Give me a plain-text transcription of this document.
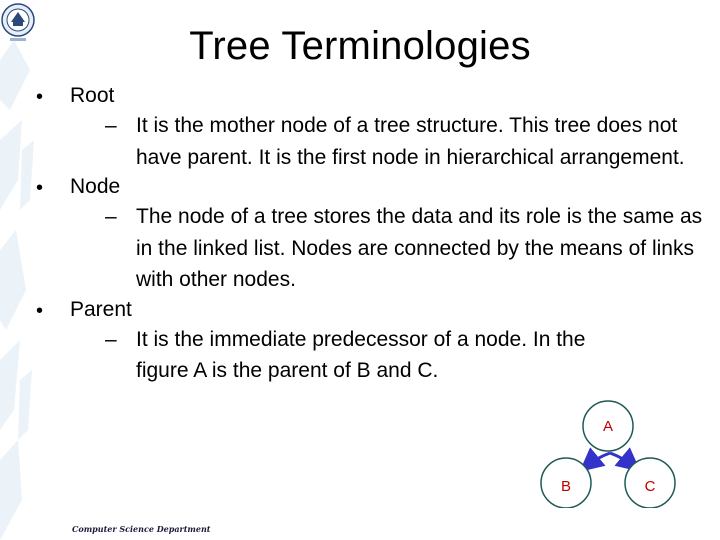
Tree Terminologies
• Root
– It is the mother node of a tree structure. This tree does not have parent. It is the first node in hierarchical arrangement.
• Node
– The node of a tree stores the data and its role is the same as in the linked list. Nodes are connected by the means of links with other nodes.
• Parent
– It is the immediate predecessor of a node. In the figure A is the parent of B and C.
A
B	C
Computer Science Department
